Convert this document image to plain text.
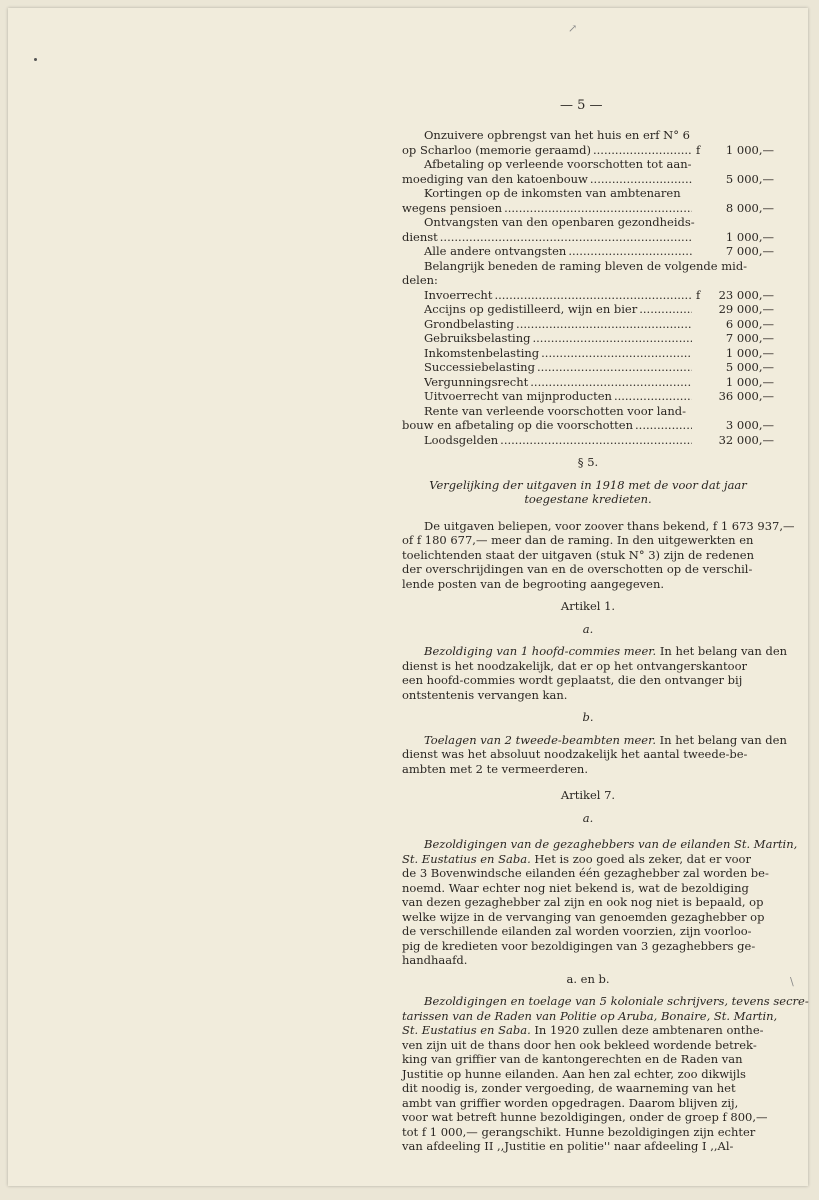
↗
\
— 5 —
Onzuivere opbrengst van het huis en erf N° 6
op Scharloo (memorie geraamd) .....	f	1 000,—
Afbetaling op verleende voorschotten tot aan-
moediging van den katoenbouw .....	5 000,—
Kortingen op de inkomsten van ambtenaren
wegens pensioen .....	8 000,—
Ontvangsten van den openbaren gezondheids-
dienst .....	1 000,—
Alle andere ontvangsten .....	7 000,—
Belangrijk beneden de raming bleven de volgende mid-
delen:
Invoerrecht .....	f	23 000,—
Accijns op gedistilleerd, wijn en bier .....	29 000,—
Grondbelasting .....	6 000,—
Gebruiksbelasting .....	7 000,—
Inkomstenbelasting .....	1 000,—
Successiebelasting .....	5 000,—
Vergunningsrecht .....	1 000,—
Uitvoerrecht van mijnproducten .....	36 000,—
Rente van verleende voorschotten voor land-
bouw en afbetaling op die voorschotten .....	3 000,—
Loodsgelden .....	32 000,—
§ 5.
Vergelijking der uitgaven in 1918 met de voor dat jaar
toegestane kredieten.
De uitgaven beliepen, voor zoover thans bekend, f 1 673 937,—
of f 180 677,— meer dan de raming. In den uitgewerkten en
toelichtenden staat der uitgaven (stuk N° 3) zijn de redenen
der overschrijdingen van en de overschotten op de verschil-
lende posten van de begrooting aangegeven.
Artikel 1.
a.
Bezoldiging van 1 hoofd-commies meer. In het belang van den
dienst is het noodzakelijk, dat er op het ontvangerskantoor
een hoofd-commies wordt geplaatst, die den ontvanger bij
ontstentenis vervangen kan.
b.
Toelagen van 2 tweede-beambten meer. In het belang van den
dienst was het absoluut noodzakelijk het aantal tweede-be-
ambten met 2 te vermeerderen.
Artikel 7.
a.
Bezoldigingen van de gezaghebbers van de eilanden St. Martin,
St. Eustatius en Saba. Het is zoo goed als zeker, dat er voor
de 3 Bovenwindsche eilanden één gezaghebber zal worden be-
noemd. Waar echter nog niet bekend is, wat de bezoldiging
van dezen gezaghebber zal zijn en ook nog niet is bepaald, op
welke wijze in de vervanging van genoemden gezaghebber op
de verschillende eilanden zal worden voorzien, zijn voorloo-
pig de kredieten voor bezoldigingen van 3 gezaghebbers ge-
handhaafd.
a. en b.
Bezoldigingen en toelage van 5 koloniale schrijvers, tevens secre-
tarissen van de Raden van Politie op Aruba, Bonaire, St. Martin,
St. Eustatius en Saba. In 1920 zullen deze ambtenaren onthe-
ven zijn uit de thans door hen ook bekleed wordende betrek-
king van griffier van de kantongerechten en de Raden van
Justitie op hunne eilanden. Aan hen zal echter, zoo dikwijls
dit noodig is, zonder vergoeding, de waarneming van het
ambt van griffier worden opgedragen. Daarom blijven zij,
voor wat betreft hunne bezoldigingen, onder de groep f 800,—
tot f 1 000,— gerangschikt. Hunne bezoldigingen zijn echter
van afdeeling II ,,Justitie en politie'' naar afdeeling I ,,Al-
